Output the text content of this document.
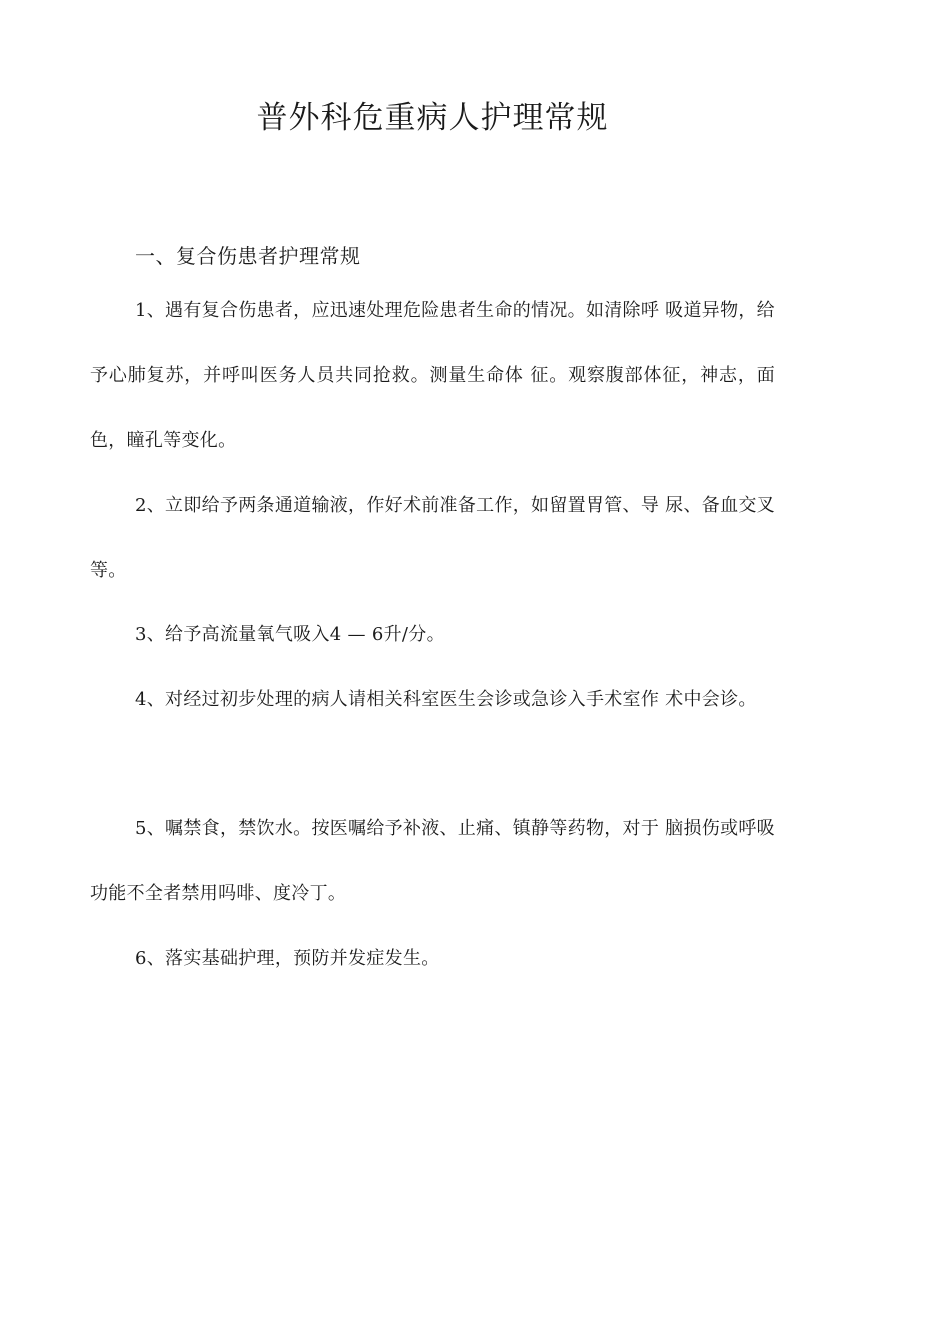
普外科危重病人护理常规
一、复合伤患者护理常规
1、遇有复合伤患者，应迅速处理危险患者生命的情况。如清除呼 吸道异物，给予心肺复苏，并呼叫医务人员共同抢救。测量生命体 征。观察腹部体征，神志，面色，瞳孔等变化。
2、立即给予两条通道输液，作好术前准备工作，如留置胃管、导 尿、备血交叉等。
3、给予高流量氧气吸入4 — 6升/分。
4、对经过初步处理的病人请相关科室医生会诊或急诊入手术室作 术中会诊。
5、嘱禁食，禁饮水。按医嘱给予补液、止痛、镇静等药物，对于 脑损伤或呼吸功能不全者禁用吗啡、度冷丁。
6、落实基础护理，预防并发症发生。
